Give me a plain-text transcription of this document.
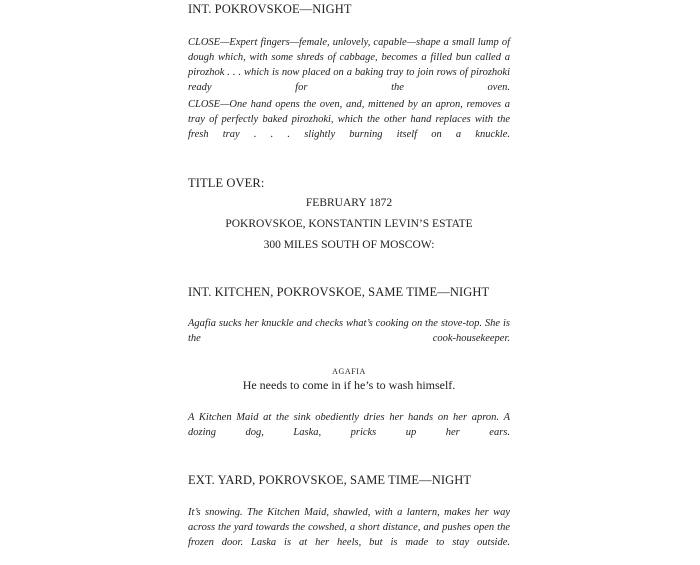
INT. POKROVSKOE—NIGHT

CLOSE—Expert fingers—female, unlovely, capable—shape a small lump of dough which, with some shreds of cabbage, becomes a filled bun called a pirozhok . . . which is now placed on a baking tray to join rows of pirozhoki ready for the oven.

CLOSE—One hand opens the oven, and, mittened by an apron, removes a tray of perfectly baked pirozhoki, which the other hand replaces with the fresh tray . . . slightly burning itself on a knuckle.

TITLE OVER:

FEBRUARY 1872

POKROVSKOE, KONSTANTIN LEVIN’S ESTATE

300 MILES SOUTH OF MOSCOW:

INT. KITCHEN, POKROVSKOE, SAME TIME—NIGHT

Agafia sucks her knuckle and checks what’s cooking on the stove-top. She is the cook-housekeeper.

AGAFIA

He needs to come in if he’s to wash himself.

A Kitchen Maid at the sink obediently dries her hands on her apron. A dozing dog, Laska, pricks up her ears.

EXT. YARD, POKROVSKOE, SAME TIME—NIGHT

It’s snowing. The Kitchen Maid, shawled, with a lantern, makes her way across the yard towards the cowshed, a short distance, and pushes open the frozen door. Laska is at her heels, but is made to stay outside.
